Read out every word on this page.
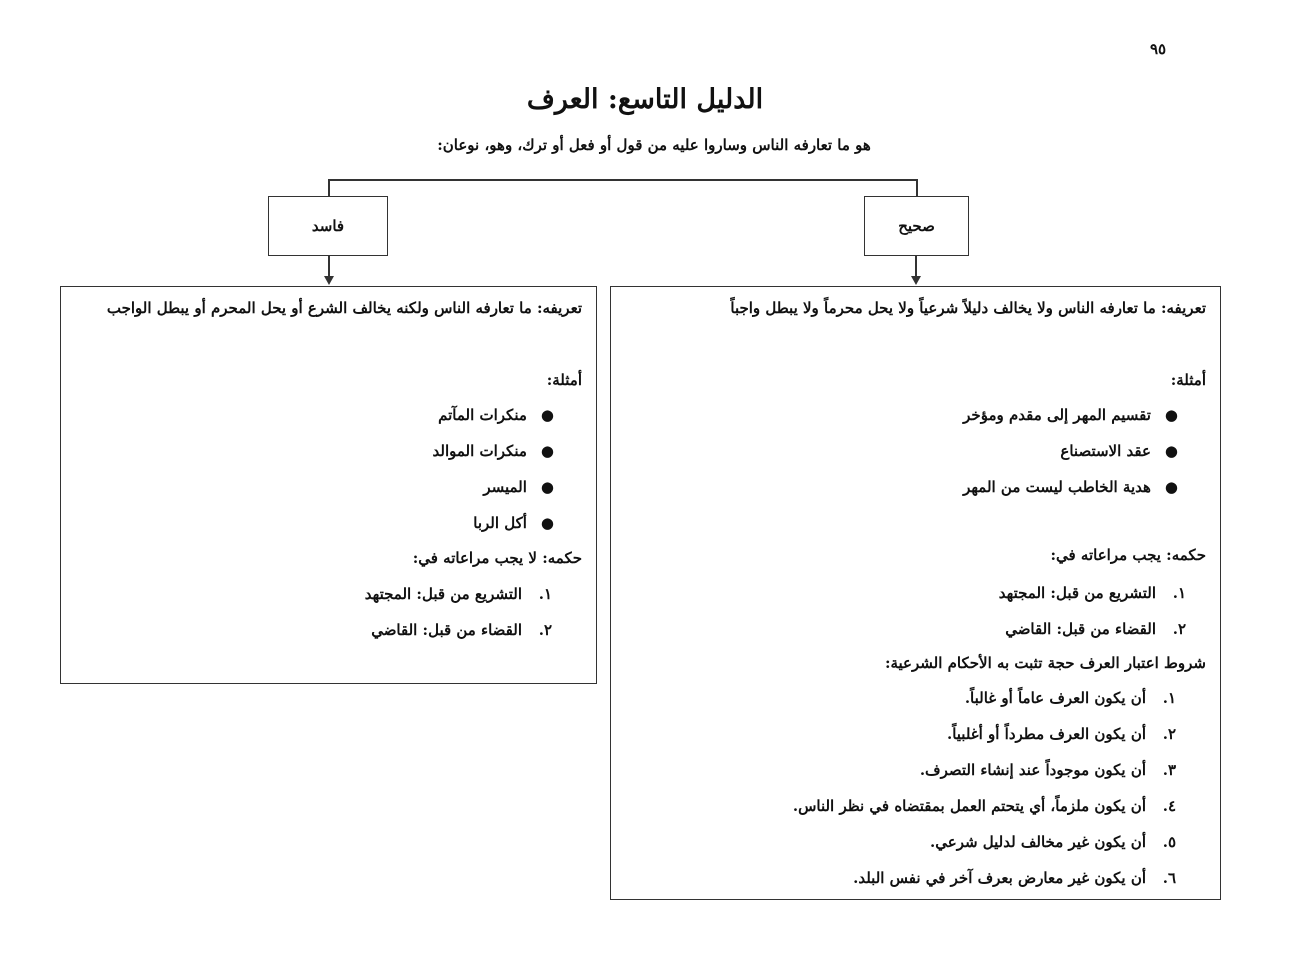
٩٥
الدليل التاسع: العرف
هو ما تعارفه الناس وساروا عليه من قول أو فعل أو ترك، وهو، نوعان:
فاسد	صحيح
تعريفه: ما تعارفه الناس ولكنه يخالف الشرع أو يحل المحرم أو يبطل الواجب
أمثلة:
●منكرات المآتم
●منكرات الموالد
●الميسر
●أكل الربا
حكمه: لا يجب مراعاته في:
١.التشريع من قبل: المجتهد
٢.القضاء من قبل: القاضي
تعريفه: ما تعارفه الناس ولا يخالف دليلاً شرعياً ولا يحل محرماً ولا يبطل واجباً
أمثلة:
●تقسيم المهر إلى مقدم ومؤخر
●عقد الاستصناع
●هدية الخاطب ليست من المهر
حكمه: يجب مراعاته في:
١.التشريع من قبل: المجتهد
٢.القضاء من قبل: القاضي
شروط اعتبار العرف حجة تثبت به الأحكام الشرعية:
١.أن يكون العرف عاماً أو غالباً.
٢.أن يكون العرف مطرداً أو أغلبياً.
٣.أن يكون موجوداً عند إنشاء التصرف.
٤.أن يكون ملزماً، أي يتحتم العمل بمقتضاه في نظر الناس.
٥.أن يكون غير مخالف لدليل شرعي.
٦.أن يكون غير معارض بعرف آخر في نفس البلد.
